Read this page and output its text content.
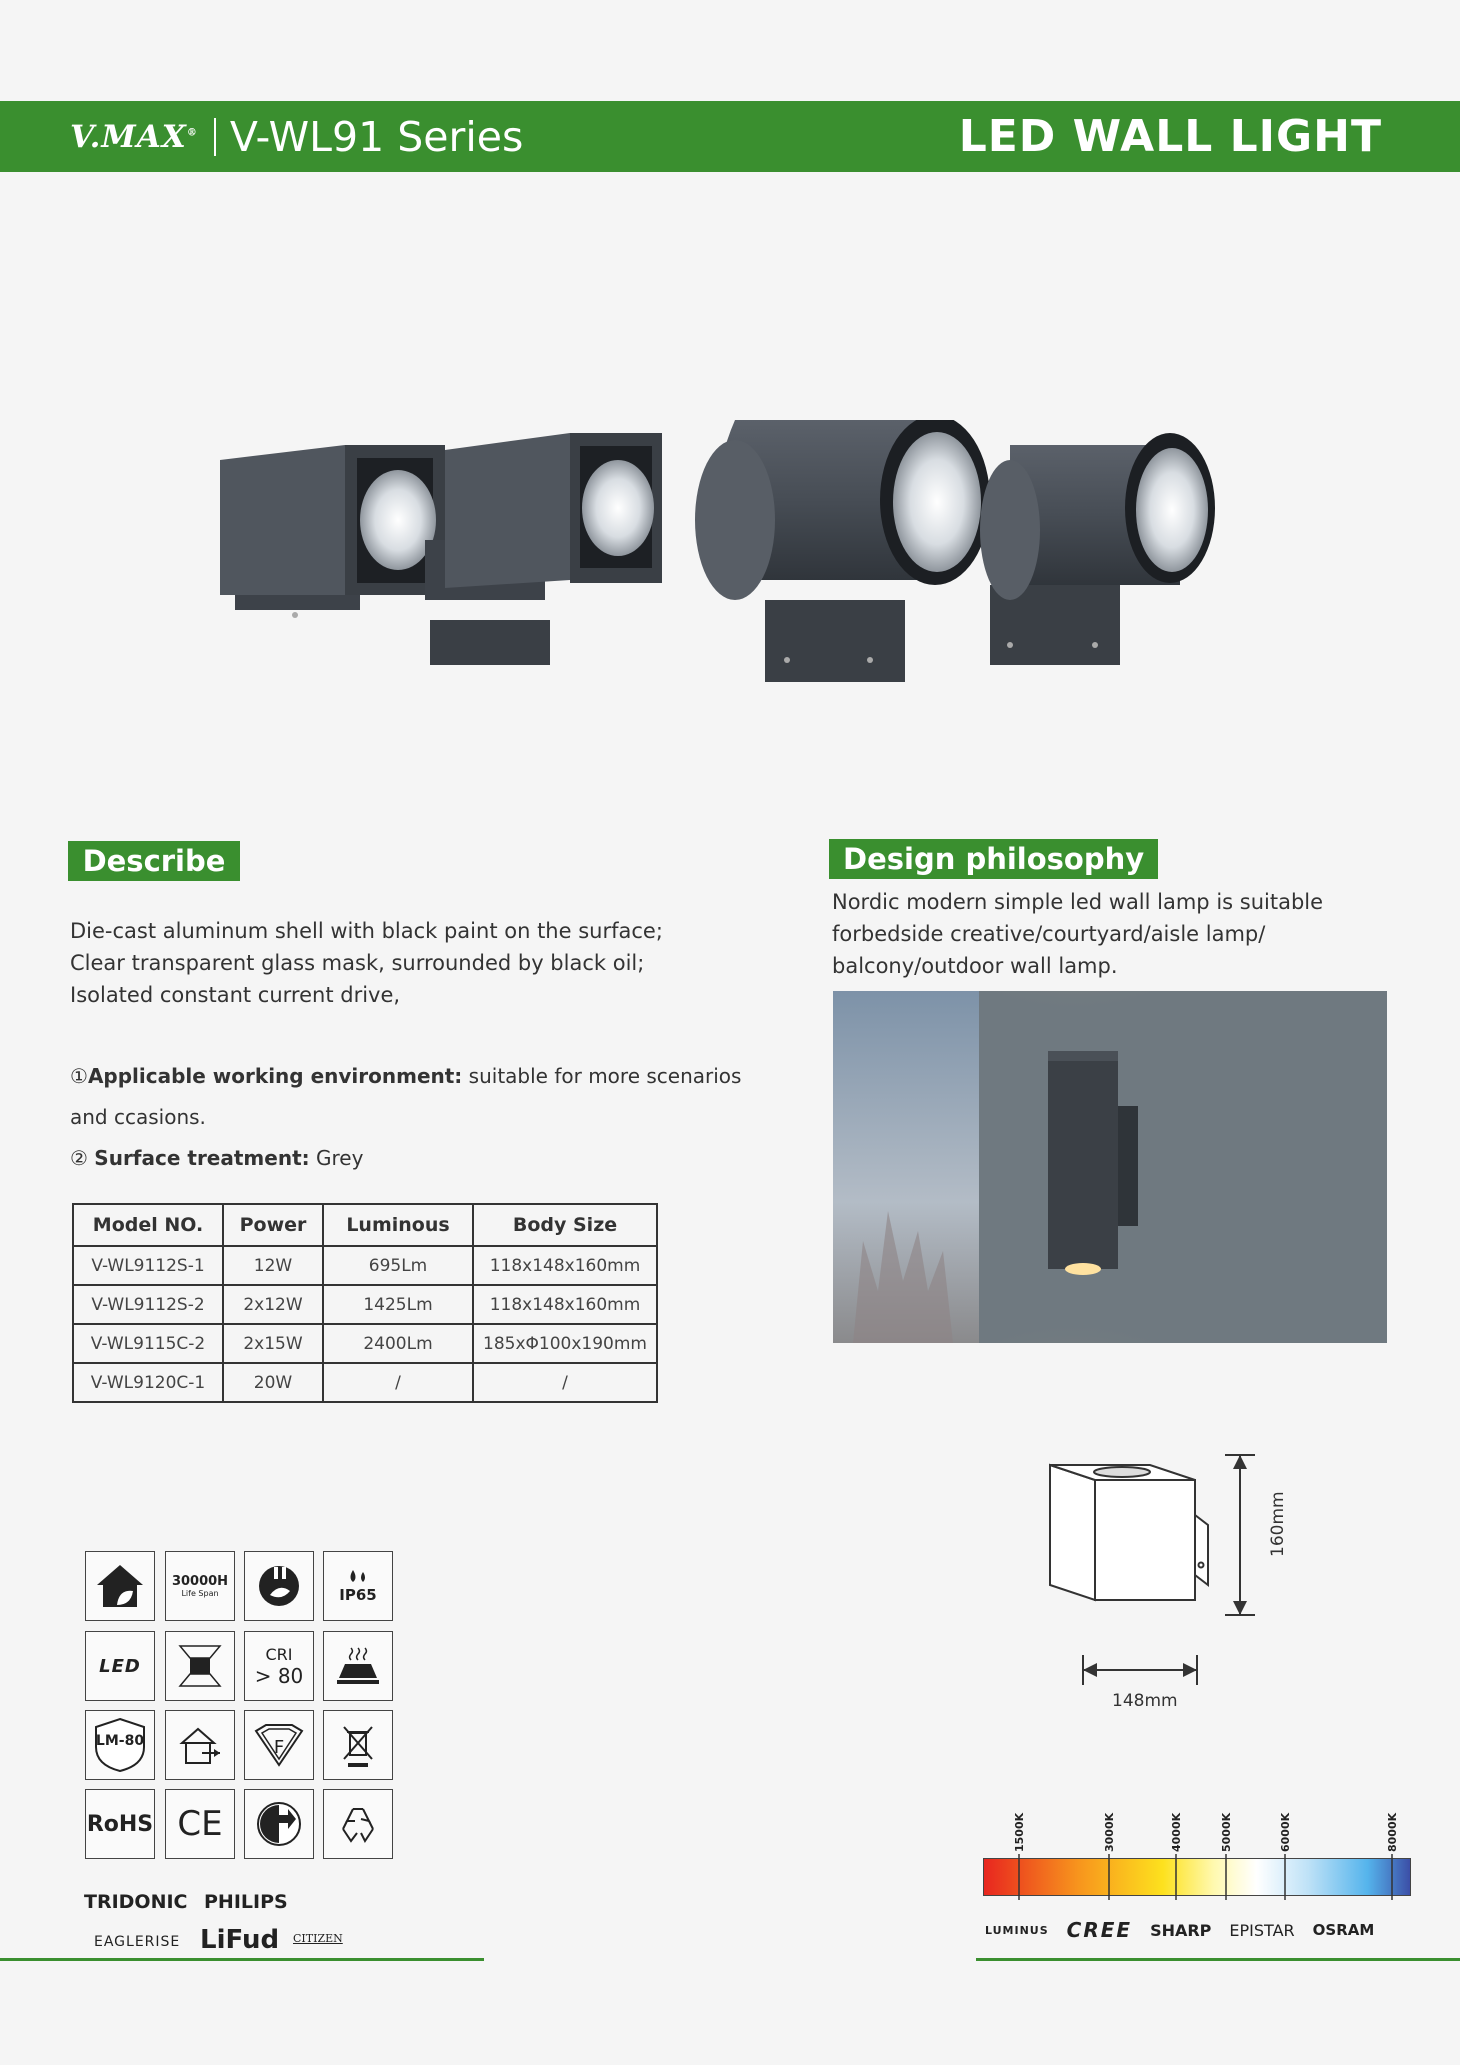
V.MAX® V-WL91 Series	LED WALL LIGHT
Describe
Die-cast aluminum shell with black paint on the surface;
Clear transparent glass mask, surrounded by black oil;
Isolated constant current drive,
①Applicable working environment: suitable for more scenarios
and ccasions.
② Surface treatment: Grey
Model NO.	Power	Luminous	Body Size
V-WL9112S-1	12W	695Lm	118x148x160mm
V-WL9112S-2	2x12W	1425Lm	118x148x160mm
V-WL9115C-2	2x15W	2400Lm	185xΦ100x190mm
V-WL9120C-1	20W	/	/
Design philosophy
Nordic modern simple led wall lamp is suitable
forbedside creative/courtyard/aisle lamp/
balcony/outdoor wall lamp.
148mm
160mm
30000H
Life Span	IP65
LED
CRI
> 80
LM-80	F
RoHS CE
TRIDONIC PHILIPS
EAGLERISE LiFud CITIZEN
1500K	3000K	4000K	5000K	6000K	8000K
LUMINUS CREE SHARP EPISTAR OSRAM
